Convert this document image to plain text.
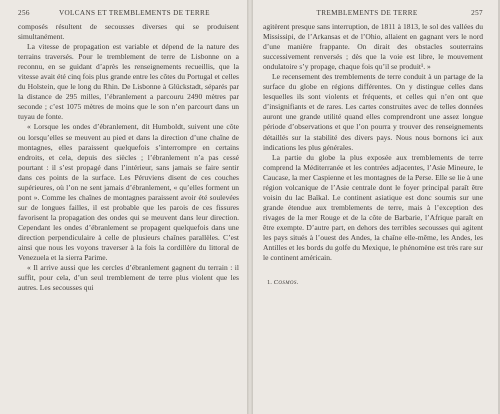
256	VOLCANS ET TREMBLEMENTS DE TERRE

composés résultent de secousses diverses qui se produisent simultanément.

La vitesse de propagation est variable et dépend de la nature des terrains traversés. Pour le tremblement de terre de Lisbonne on a reconnu, en se guidant d’après les renseignements recueillis, que la vitesse avait été cinq fois plus grande entre les côtes du Portugal et celles du Holstein, que le long du Rhin. De Lisbonne à Glückstadt, séparés par la distance de 295 milles, l’ébranlement a parcouru 2490 mètres par seconde ; c’est 1075 mètres de moins que le son n’en parcourt dans un tuyau de fonte.

« Lorsque les ondes d’ébranlement, dit Humboldt, suivent une côte ou lorsqu’elles se meuvent au pied et dans la direction d’une chaîne de montagnes, elles paraissent quelquefois s’interrompre en certains endroits, et cela, depuis des siècles ; l’ébranlement n’a pas cessé pourtant : il s’est propagé dans l’intérieur, sans jamais se faire sentir dans ces points de la surface. Les Péruviens disent de ces couches supérieures, où l’on ne sent jamais d’ébranlement, « qu’elles forment un pont ». Comme les chaînes de montagnes paraissent avoir été soulevées sur de longues failles, il est probable que les parois de ces fissures favorisent la propagation des ondes qui se meuvent dans leur direction. Cependant les ondes d’ébranlement se propagent quelquefois dans une direction perpendiculaire à celle de plusieurs chaînes parallèles. C’est ainsi que nous les voyons traverser à la fois la cordillère du littoral de Venezuela et la sierra Parime.

« Il arrive aussi que les cercles d’ébranlement gagnent du terrain : il suffit, pour cela, d’un seul tremblement de terre plus violent que les autres. Les secousses qui

TREMBLEMENTS DE TERRE	257

agitèrent presque sans interruption, de 1811 à 1813, le sol des vallées du Mississipi, de l’Arkansas et de l’Ohio, allaient en gagnant vers le nord d’une manière frappante. On dirait des obstacles souterrains successivement renversés ; dès que la voie est libre, le mouvement ondulatoire s’y propage, chaque fois qu’il se produit¹. »

Le recensement des tremblements de terre conduit à un partage de la surface du globe en régions différentes. On y distingue celles dans lesquelles ils sont violents et fréquents, et celles qui n’en ont que d’insignifiants et de rares. Les cartes construites avec de telles données auront une grande utilité quand elles comprendront une assez longue période d’observations et que l’on pourra y trouver des renseignements détaillés sur la stabilité des divers pays. Nous nous bornons ici aux indications les plus générales.

La partie du globe la plus exposée aux tremblements de terre comprend la Méditerranée et les contrées adjacentes, l’Asie Mineure, le Caucase, la mer Caspienne et les montagnes de la Perse. Elle se lie à une région volcanique de l’Asie centrale dont le foyer principal paraît être voisin du lac Baïkal. Le continent asiatique est donc soumis sur une grande étendue aux tremblements de terre, mais à l’exception des rivages de la mer Rouge et de la côte de Barbarie, l’Afrique paraît en être exempte. D’autre part, en dehors des terribles secousses qui agitent les pays situés à l’ouest des Andes, la chaîne elle-même, les Andes, les Antilles et les bords du golfe du Mexique, le phénomène est très rare sur le continent américain.

1. Cosmos.
